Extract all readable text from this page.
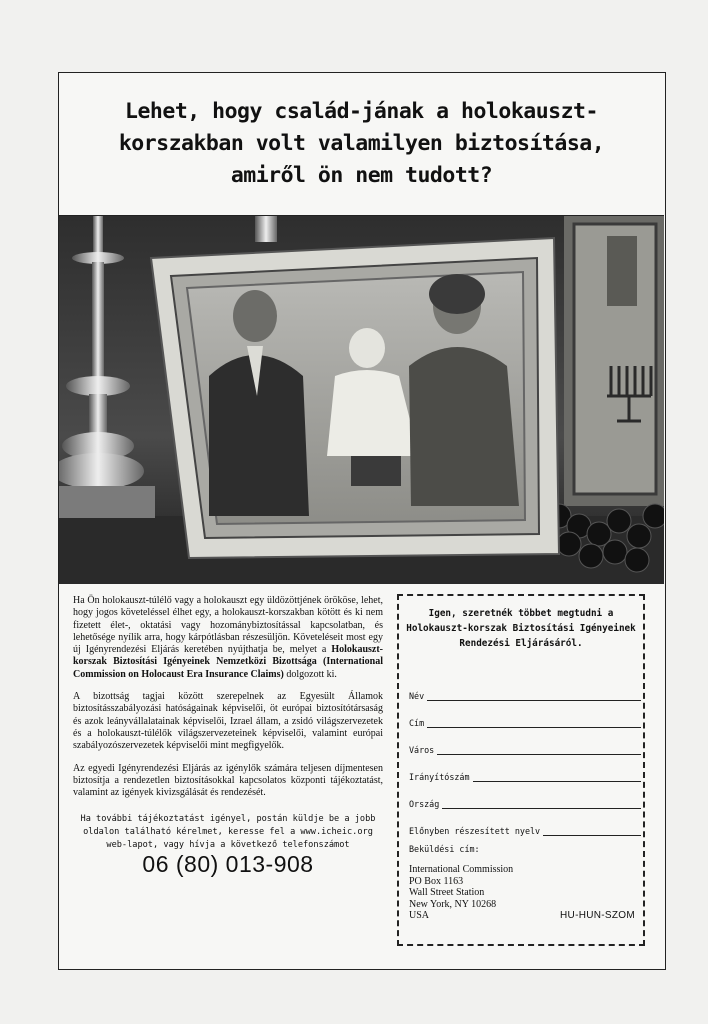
Lehet, hogy család-jának a holokauszt-
korszakban volt valamilyen biztosítása,
amiről ön nem tudott?

Ha Ön holokauszt-túlélő vagy a holokauszt egy üldözöttjének örököse, lehet, hogy jogos követeléssel élhet egy, a holokauszt-korszakban kötött és ki nem fizetett élet-, oktatási vagy hozománybiztosítással kapcsolatban, és lehetősége nyílik arra, hogy kárpótlásban részesüljön. Követeléseit most egy új Igényrendezési Eljárás keretében nyújthatja be, melyet a Holokauszt-korszak Biztosítási Igényeinek Nemzetközi Bizottsága (International Commission on Holocaust Era Insurance Claims) dolgozott ki.

A bizottság tagjai között szerepelnek az Egyesült Államok biztosításszabályozási hatóságainak képviselői, öt európai biztosítótársaság és azok leányvállalatainak képviselői, Izrael állam, a zsidó világszervezetek és a holokauszt-túlélők világszervezeteinek képviselői, valamint európai szabályozószervezetek képviselői mint megfigyelők.

Az egyedi Igényrendezési Eljárás az igénylők számára teljesen díjmentesen biztosítja a rendezetlen biztosításokkal kapcsolatos központi tájékoztatást, valamint az igények kivizsgálását és rendezését.

Ha további tájékoztatást igényel, postán küldje be a jobb oldalon található kérelmet, keresse fel a www.icheic.org web-lapot, vagy hívja a következő telefonszámot
06 (80) 013-908
Igen, szeretnék többet megtudni a Holokauszt-korszak Biztosítási Igényeinek Rendezési Eljárásáról.
Név
Cím
Város
Irányítószám
Ország
Előnyben részesített nyelv
Beküldési cím:
International Commission
PO Box 1163
Wall Street Station
New York, NY 10268
USA	HU-HUN-SZOM
